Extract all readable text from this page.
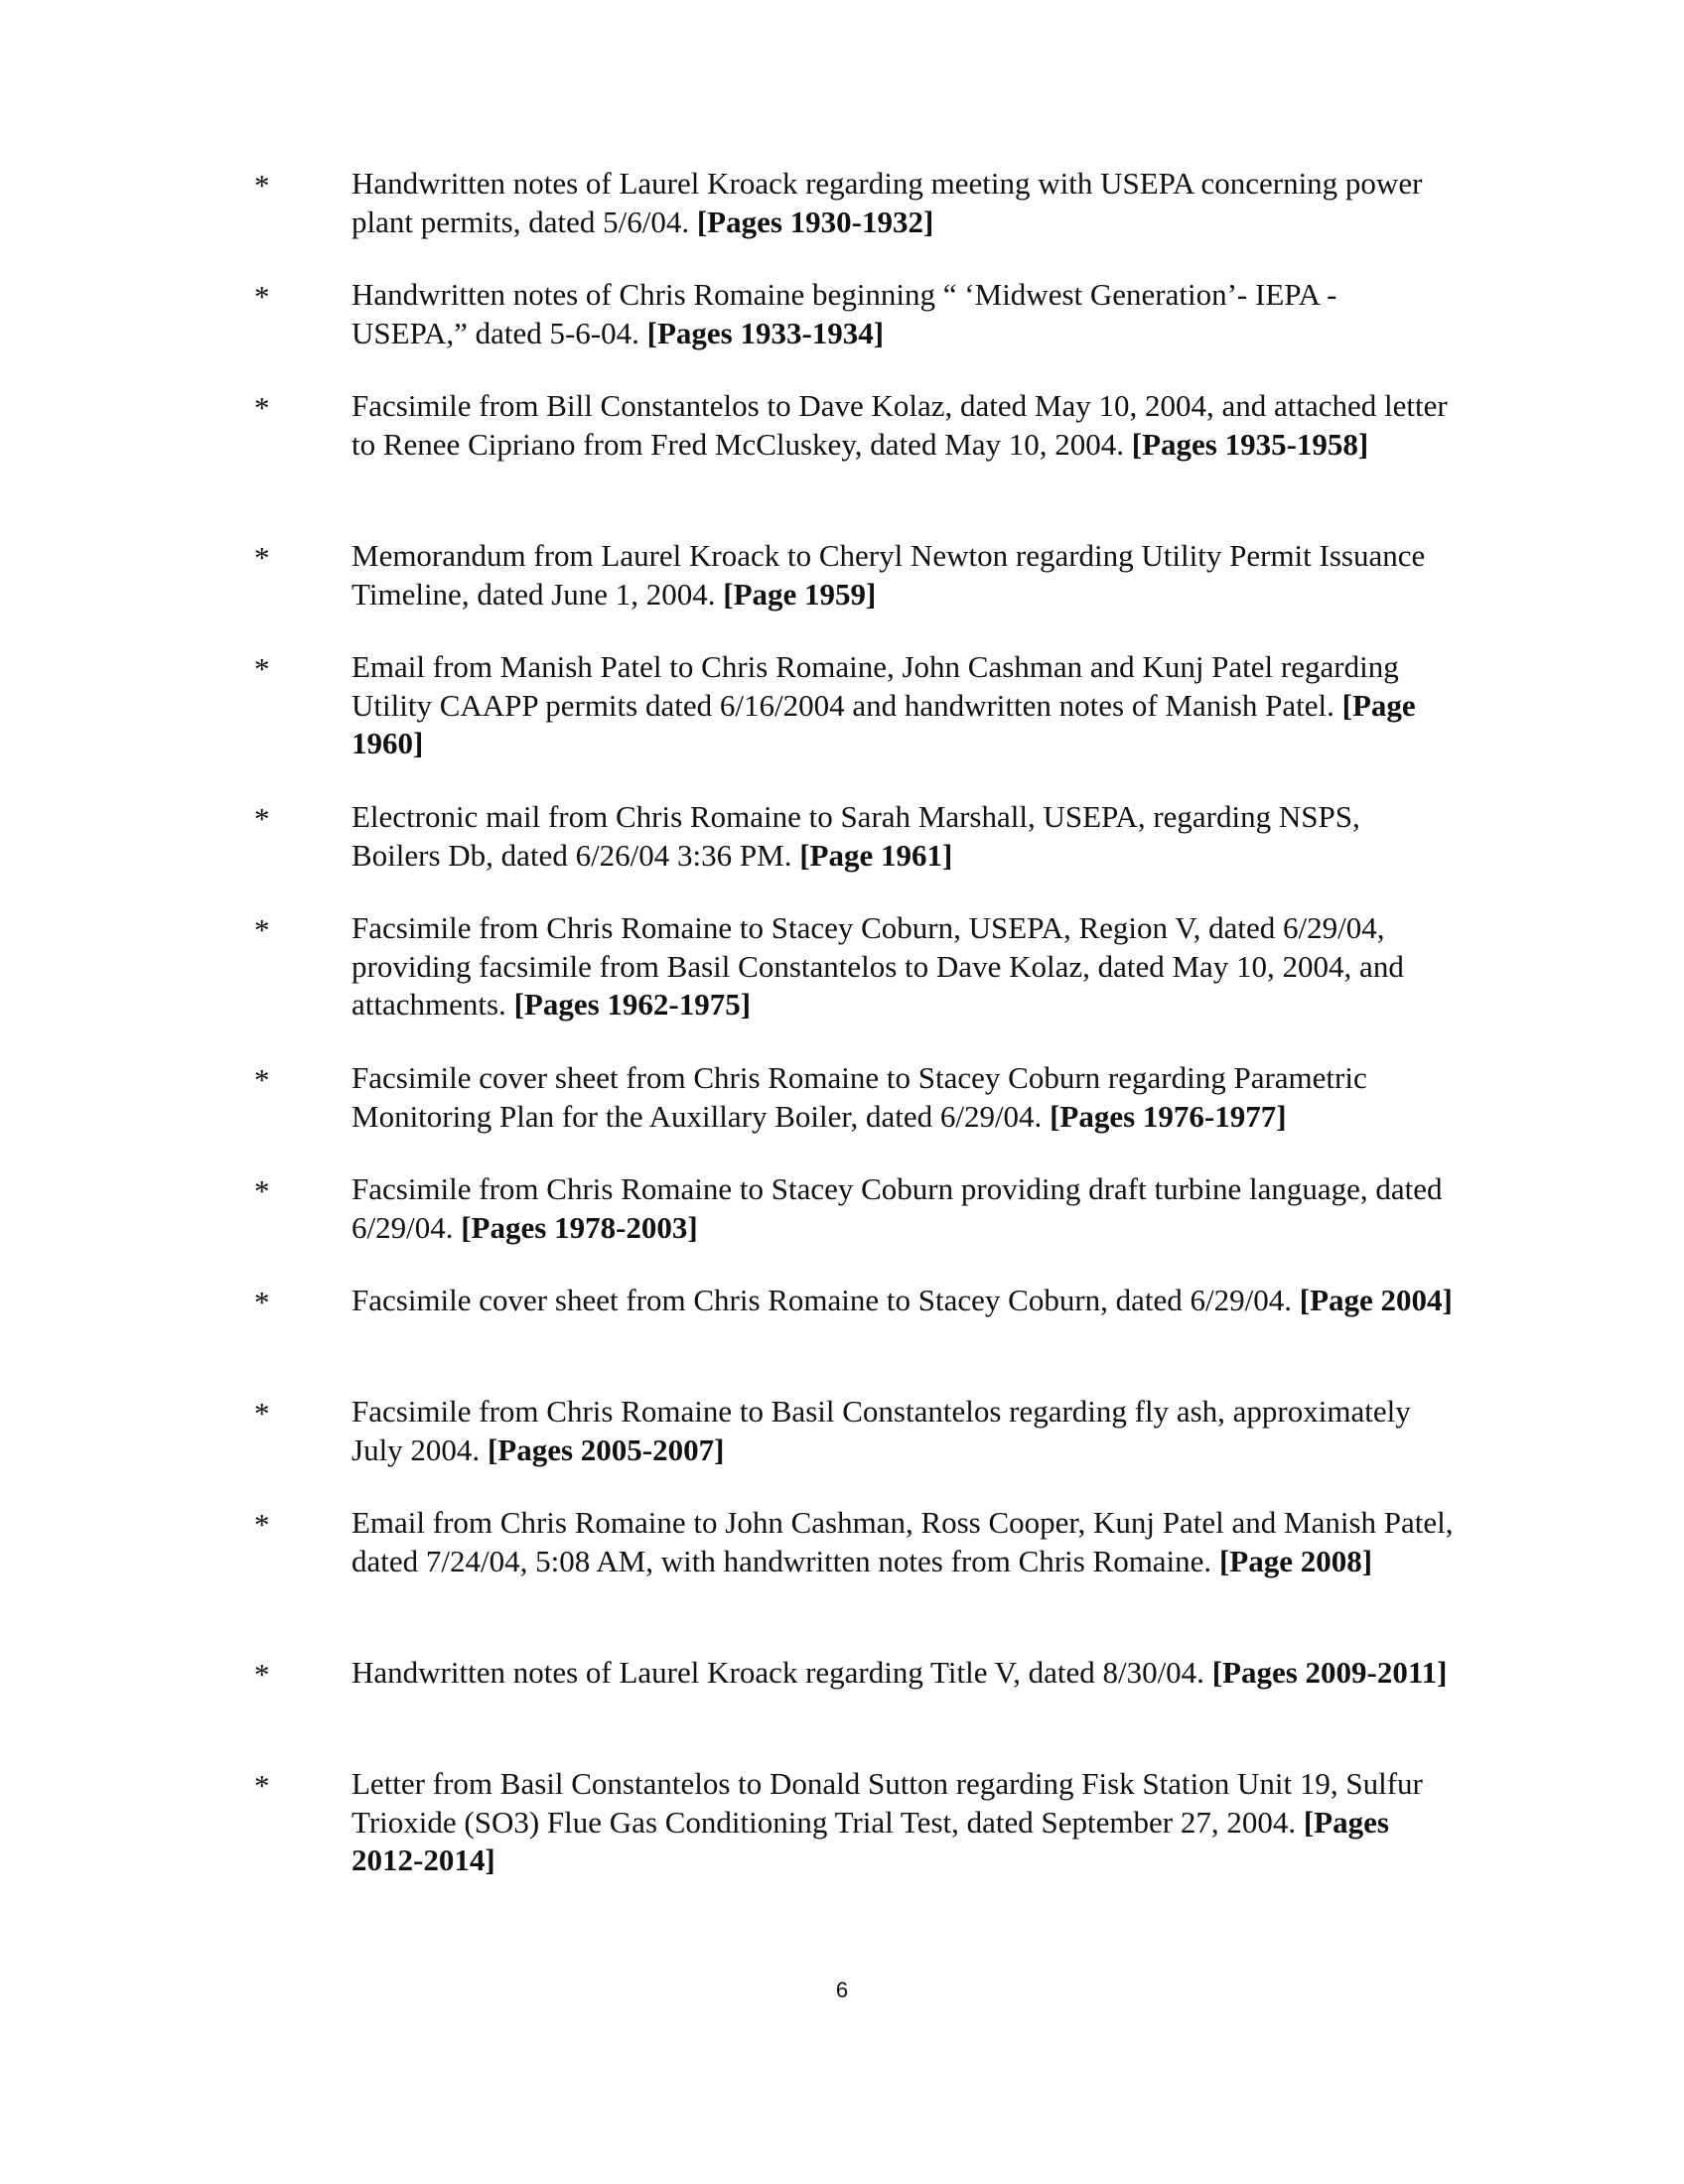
*	Handwritten notes of Laurel Kroack regarding meeting with USEPA concerning power plant permits, dated 5/6/04. [Pages 1930-1932]
*	Handwritten notes of Chris Romaine beginning “ ‘Midwest Generation’- IEPA - USEPA,” dated 5-6-04. [Pages 1933-1934]
*	Facsimile from Bill Constantelos to Dave Kolaz, dated May 10, 2004, and attached letter to Renee Cipriano from Fred McCluskey, dated May 10, 2004. [Pages 1935-1958]
*	Memorandum from Laurel Kroack to Cheryl Newton regarding Utility Permit Issuance Timeline, dated June 1, 2004. [Page 1959]
*	Email from Manish Patel to Chris Romaine, John Cashman and Kunj Patel regarding Utility CAAPP permits dated 6/16/2004 and handwritten notes of Manish Patel. [Page 1960]
*	Electronic mail from Chris Romaine to Sarah Marshall, USEPA, regarding NSPS, Boilers Db, dated 6/26/04 3:36 PM. [Page 1961]
*	Facsimile from Chris Romaine to Stacey Coburn, USEPA, Region V, dated 6/29/04, providing facsimile from Basil Constantelos to Dave Kolaz, dated May 10, 2004, and attachments. [Pages 1962-1975]
*	Facsimile cover sheet from Chris Romaine to Stacey Coburn regarding Parametric Monitoring Plan for the Auxillary Boiler, dated 6/29/04. [Pages 1976-1977]
*	Facsimile from Chris Romaine to Stacey Coburn providing draft turbine language, dated 6/29/04. [Pages 1978-2003]
*	Facsimile cover sheet from Chris Romaine to Stacey Coburn, dated 6/29/04. [Page 2004]
*	Facsimile from Chris Romaine to Basil Constantelos regarding fly ash, approximately July 2004. [Pages 2005-2007]
*	Email from Chris Romaine to John Cashman, Ross Cooper, Kunj Patel and Manish Patel, dated 7/24/04, 5:08 AM, with handwritten notes from Chris Romaine. [Page 2008]
*	Handwritten notes of Laurel Kroack regarding Title V, dated 8/30/04. [Pages 2009-2011]
*	Letter from Basil Constantelos to Donald Sutton regarding Fisk Station Unit 19, Sulfur Trioxide (SO3) Flue Gas Conditioning Trial Test, dated September 27, 2004. [Pages 2012-2014]
6
